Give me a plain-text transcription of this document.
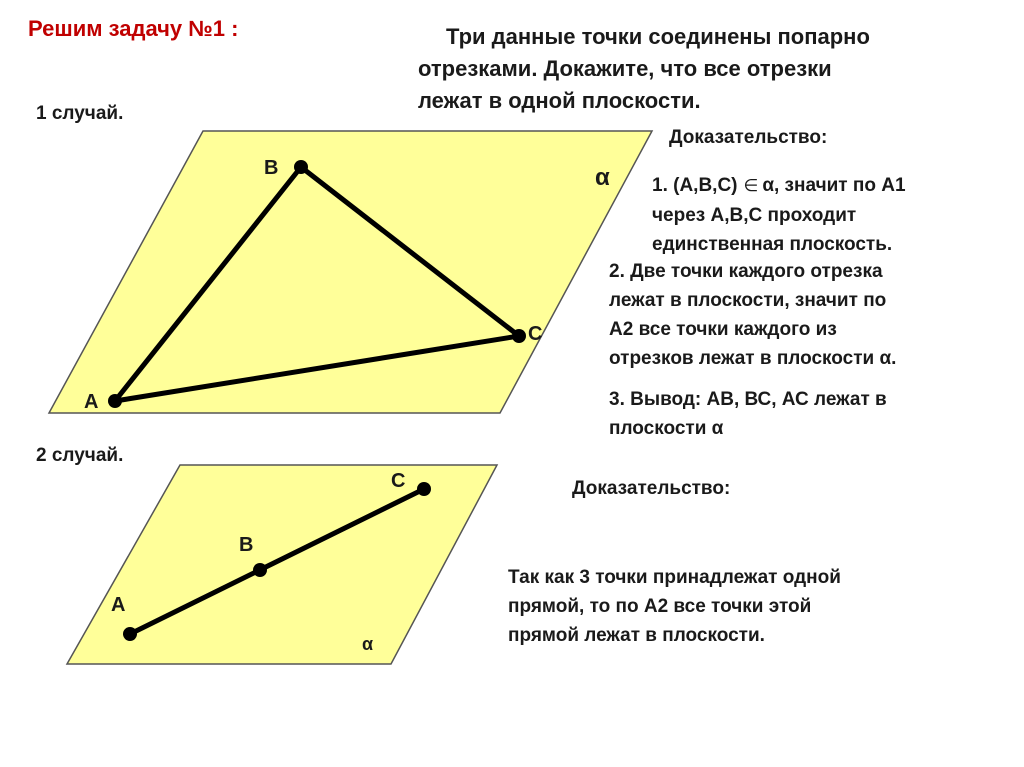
Решим задачу №1 :	Три данные точки соединены попарно
отрезками. Докажите, что все отрезки
лежат в одной плоскости.
1 случай.
2 случай.
А
В
С
α
А
В
С
α
Доказательство:
1. (А,В,С) ∈ α, значит по А1
через А,В,С проходит
единственная плоскость.
2. Две точки каждого отрезка
лежат в плоскости, значит по
А2 все точки каждого из
отрезков лежат в плоскости α.
3. Вывод: АВ, ВС, АС лежат в
плоскости α
Доказательство:
Так как 3 точки принадлежат одной
прямой, то по А2 все точки этой
прямой лежат в плоскости.
